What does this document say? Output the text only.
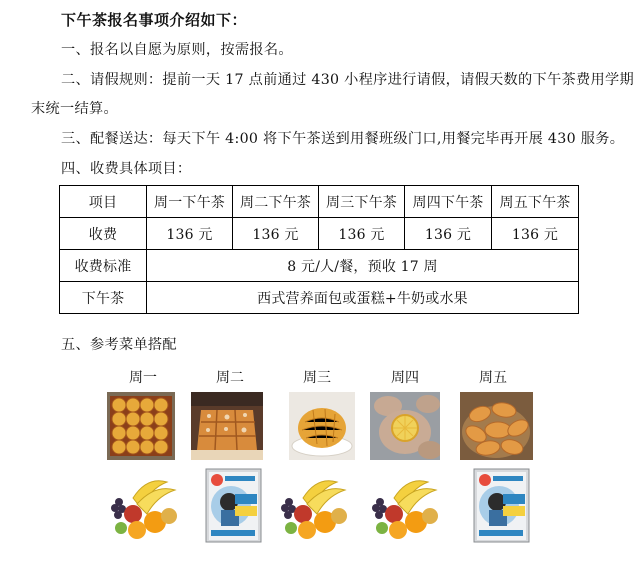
下午茶报名事项介绍如下：
一、报名以自愿为原则，按需报名。
二、请假规则：提前一天 17 点前通过 430 小程序进行请假，请假天数的下午茶费用学期
末统一结算。
三、配餐送达：每天下午 4:00 将下午茶送到用餐班级门口,用餐完毕再开展 430 服务。
四、收费具体项目：
项目	周一下午茶	周二下午茶	周三下午茶	周四下午茶	周五下午茶
收费	136 元	136 元	136 元	136 元	136 元
收费标准	8 元/人/餐，预收 17 周				
下午茶	西式营养面包或蛋糕+牛奶或水果				
五、参考菜单搭配
周一	周二	周三	周四	周五
